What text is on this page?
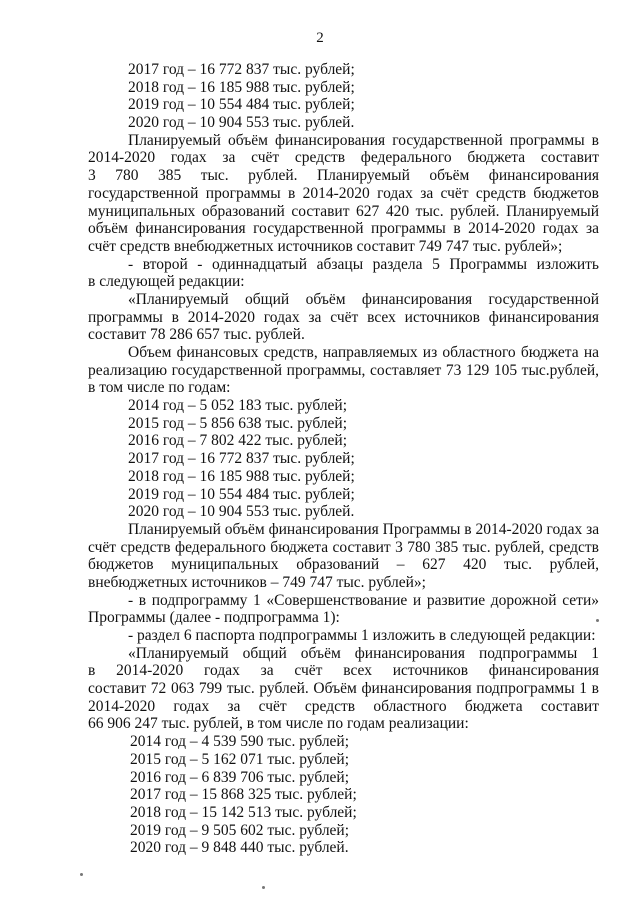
2
2017 год – 16 772 837 тыс. рублей;
2018 год – 16 185 988 тыс. рублей;
2019 год – 10 554 484 тыс. рублей;
2020 год – 10 904 553 тыс. рублей.
Планируемый объём финансирования государственной программы в
2014-2020 годах за счёт средств федерального бюджета составит
3 780 385 тыс. рублей. Планируемый объём финансирования
государственной программы в 2014-2020 годах за счёт средств бюджетов
муниципальных образований составит 627 420 тыс. рублей. Планируемый
объём финансирования государственной программы в 2014-2020 годах за
счёт средств внебюджетных источников составит 749 747 тыс. рублей»;
- второй - одиннадцатый абзацы раздела 5 Программы изложить
в следующей редакции:
«Планируемый общий объём финансирования государственной
программы в 2014-2020 годах за счёт всех источников финансирования
составит 78 286 657 тыс. рублей.
Объем финансовых средств, направляемых из областного бюджета на
реализацию государственной программы, составляет 73 129 105 тыс.рублей,
в том числе по годам:
2014 год – 5 052 183 тыс. рублей;
2015 год – 5 856 638 тыс. рублей;
2016 год – 7 802 422 тыс. рублей;
2017 год – 16 772 837 тыс. рублей;
2018 год – 16 185 988 тыс. рублей;
2019 год – 10 554 484 тыс. рублей;
2020 год – 10 904 553 тыс. рублей.
Планируемый объём финансирования Программы в 2014-2020 годах за
счёт средств федерального бюджета составит 3 780 385 тыс. рублей, средств
бюджетов муниципальных образований – 627 420 тыс. рублей,
внебюджетных источников – 749 747 тыс. рублей»;
- в подпрограмму 1 «Совершенствование и развитие дорожной сети»
Программы (далее - подпрограмма 1):
- раздел 6 паспорта подпрограммы 1 изложить в следующей редакции:
«Планируемый общий объём финансирования подпрограммы 1
в 2014-2020 годах за счёт всех источников финансирования
составит 72 063 799 тыс. рублей. Объём финансирования подпрограммы 1 в
2014-2020 годах за счёт средств областного бюджета составит
66 906 247 тыс. рублей, в том числе по годам реализации:
2014 год – 4 539 590 тыс. рублей;
2015 год – 5 162 071 тыс. рублей;
2016 год – 6 839 706 тыс. рублей;
2017 год – 15 868 325 тыс. рублей;
2018 год – 15 142 513 тыс. рублей;
2019 год – 9 505 602 тыс. рублей;
2020 год – 9 848 440 тыс. рублей.
